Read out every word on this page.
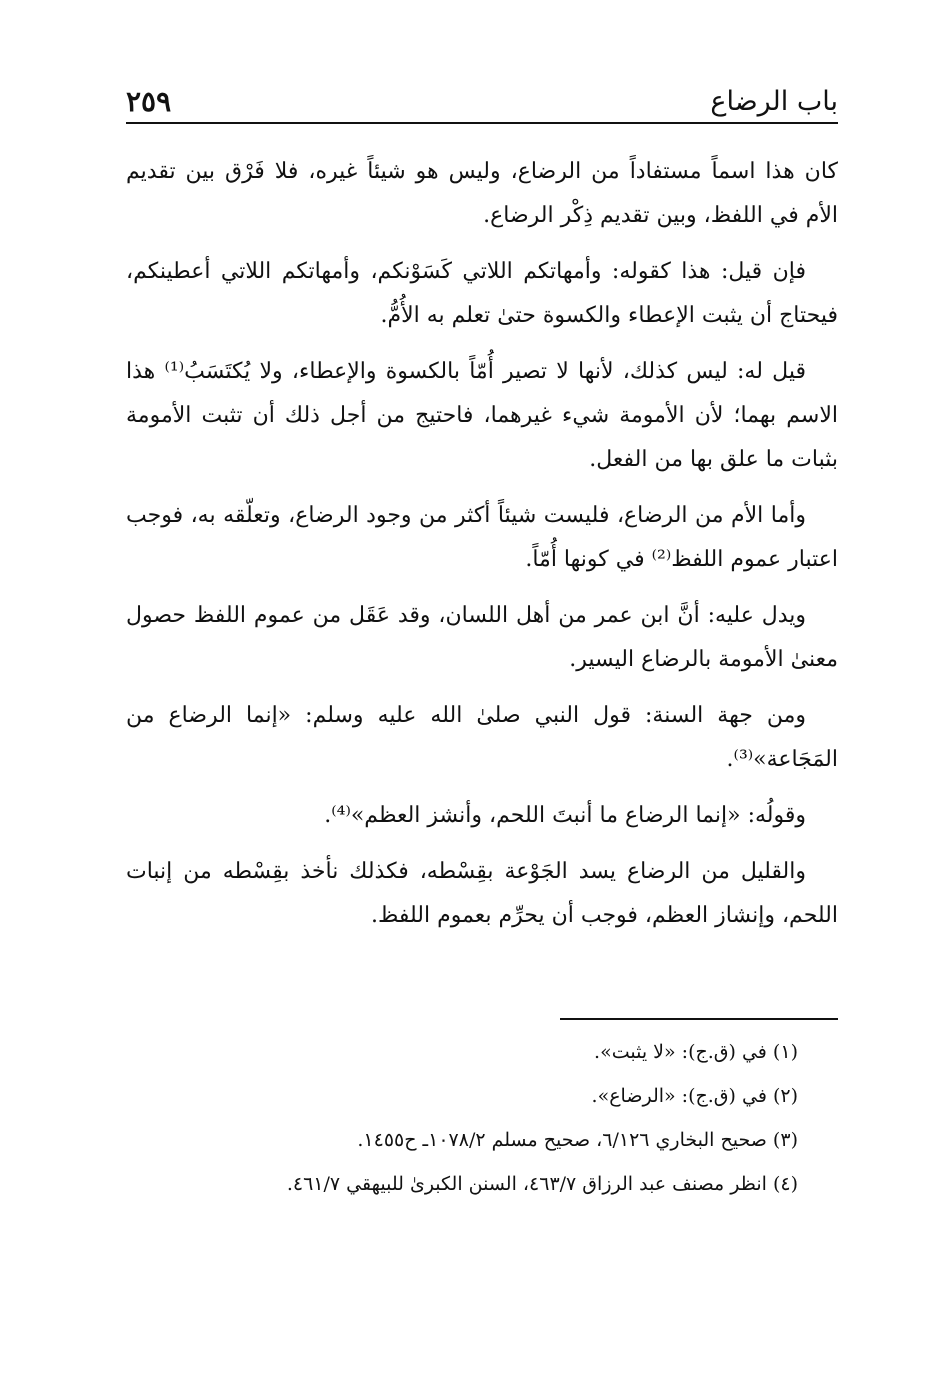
باب الرضاع
٢٥٩

كان هذا اسماً مستفاداً من الرضاع، وليس هو شيئاً غيره، فلا فَرْق بين تقديم الأم في اللفظ، وبين تقديم ذِكْر الرضاع.

فإن قيل: هذا كقوله: وأمهاتكم اللاتي كَسَوْنكم، وأمهاتكم اللاتي أعطينكم، فيحتاج أن يثبت الإعطاء والكسوة حتىٰ تعلم به الأُمُّ.

قيل له: ليس كذلك، لأنها لا تصير أُمّاً بالكسوة والإعطاء، ولا يُكتَسَبُ⁽¹⁾ هذا الاسم بهما؛ لأن الأمومة شيء غيرهما، فاحتيج من أجل ذلك أن تثبت الأمومة بثبات ما علق بها من الفعل.

وأما الأم من الرضاع، فليست شيئاً أكثر من وجود الرضاع، وتعلّقه به، فوجب اعتبار عموم اللفظ⁽²⁾ في كونها أُمّاً.

ويدل عليه: أنَّ ابن عمر من أهل اللسان، وقد عَقَل من عموم اللفظ حصول معنىٰ الأمومة بالرضاع اليسير.

ومن جهة السنة: قول النبي صلىٰ الله عليه وسلم: «إنما الرضاع من المَجَاعة»⁽³⁾.

وقولُه: «إنما الرضاع ما أنبتَ اللحم، وأنشز العظم»⁽⁴⁾.

والقليل من الرضاع يسد الجَوْعة بقِسْطه، فكذلك نأخذ بقِسْطه من إنبات اللحم، وإنشاز العظم، فوجب أن يحرِّم بعموم اللفظ.

(١) في (ق.ج): «لا يثبت».
(٢) في (ق.ج): «الرضاع».
(٣) صحيح البخاري ٦/١٢٦، صحيح مسلم ١٠٧٨/٢ـ ح١٤٥٥.
(٤) انظر مصنف عبد الرزاق ٤٦٣/٧، السنن الكبرىٰ للبيهقي ٤٦١/٧.
